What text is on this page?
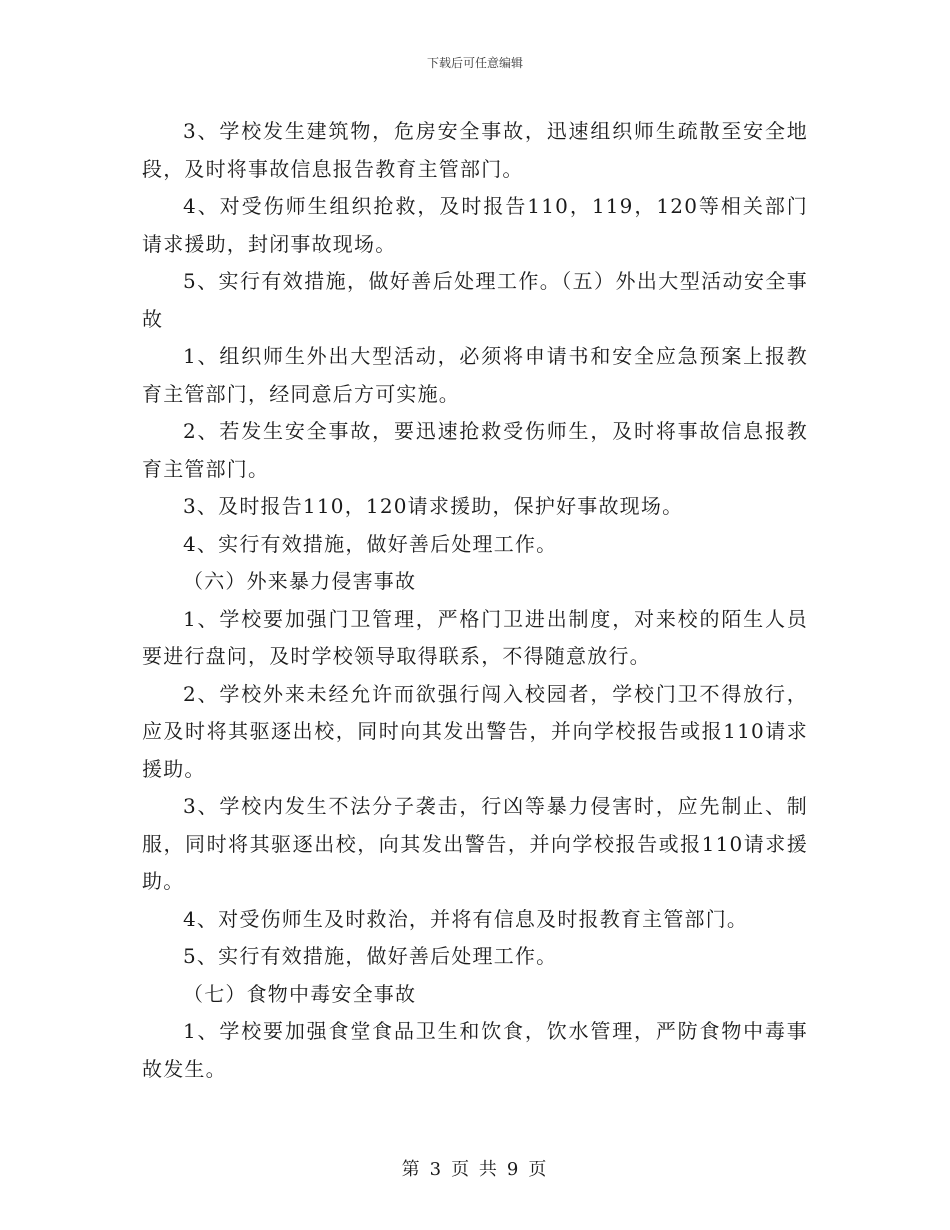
下载后可任意编辑

3、学校发生建筑物，危房安全事故，迅速组织师生疏散至安全地段，及时将事故信息报告教育主管部门。

4、对受伤师生组织抢救，及时报告110，119，120等相关部门请求援助，封闭事故现场。

5、实行有效措施，做好善后处理工作。（五）外出大型活动安全事故

1、组织师生外出大型活动，必须将申请书和安全应急预案上报教育主管部门，经同意后方可实施。

2、若发生安全事故，要迅速抢救受伤师生，及时将事故信息报教育主管部门。

3、及时报告110，120请求援助，保护好事故现场。

4、实行有效措施，做好善后处理工作。

（六）外来暴力侵害事故

1、学校要加强门卫管理，严格门卫进出制度，对来校的陌生人员要进行盘问，及时学校领导取得联系，不得随意放行。

2、学校外来未经允许而欲强行闯入校园者，学校门卫不得放行，应及时将其驱逐出校，同时向其发出警告，并向学校报告或报110请求援助。

3、学校内发生不法分子袭击，行凶等暴力侵害时，应先制止、制服，同时将其驱逐出校，向其发出警告，并向学校报告或报110请求援助。

4、对受伤师生及时救治，并将有信息及时报教育主管部门。

5、实行有效措施，做好善后处理工作。

（七）食物中毒安全事故

1、学校要加强食堂食品卫生和饮食，饮水管理，严防食物中毒事故发生。

第 3 页 共 9 页
